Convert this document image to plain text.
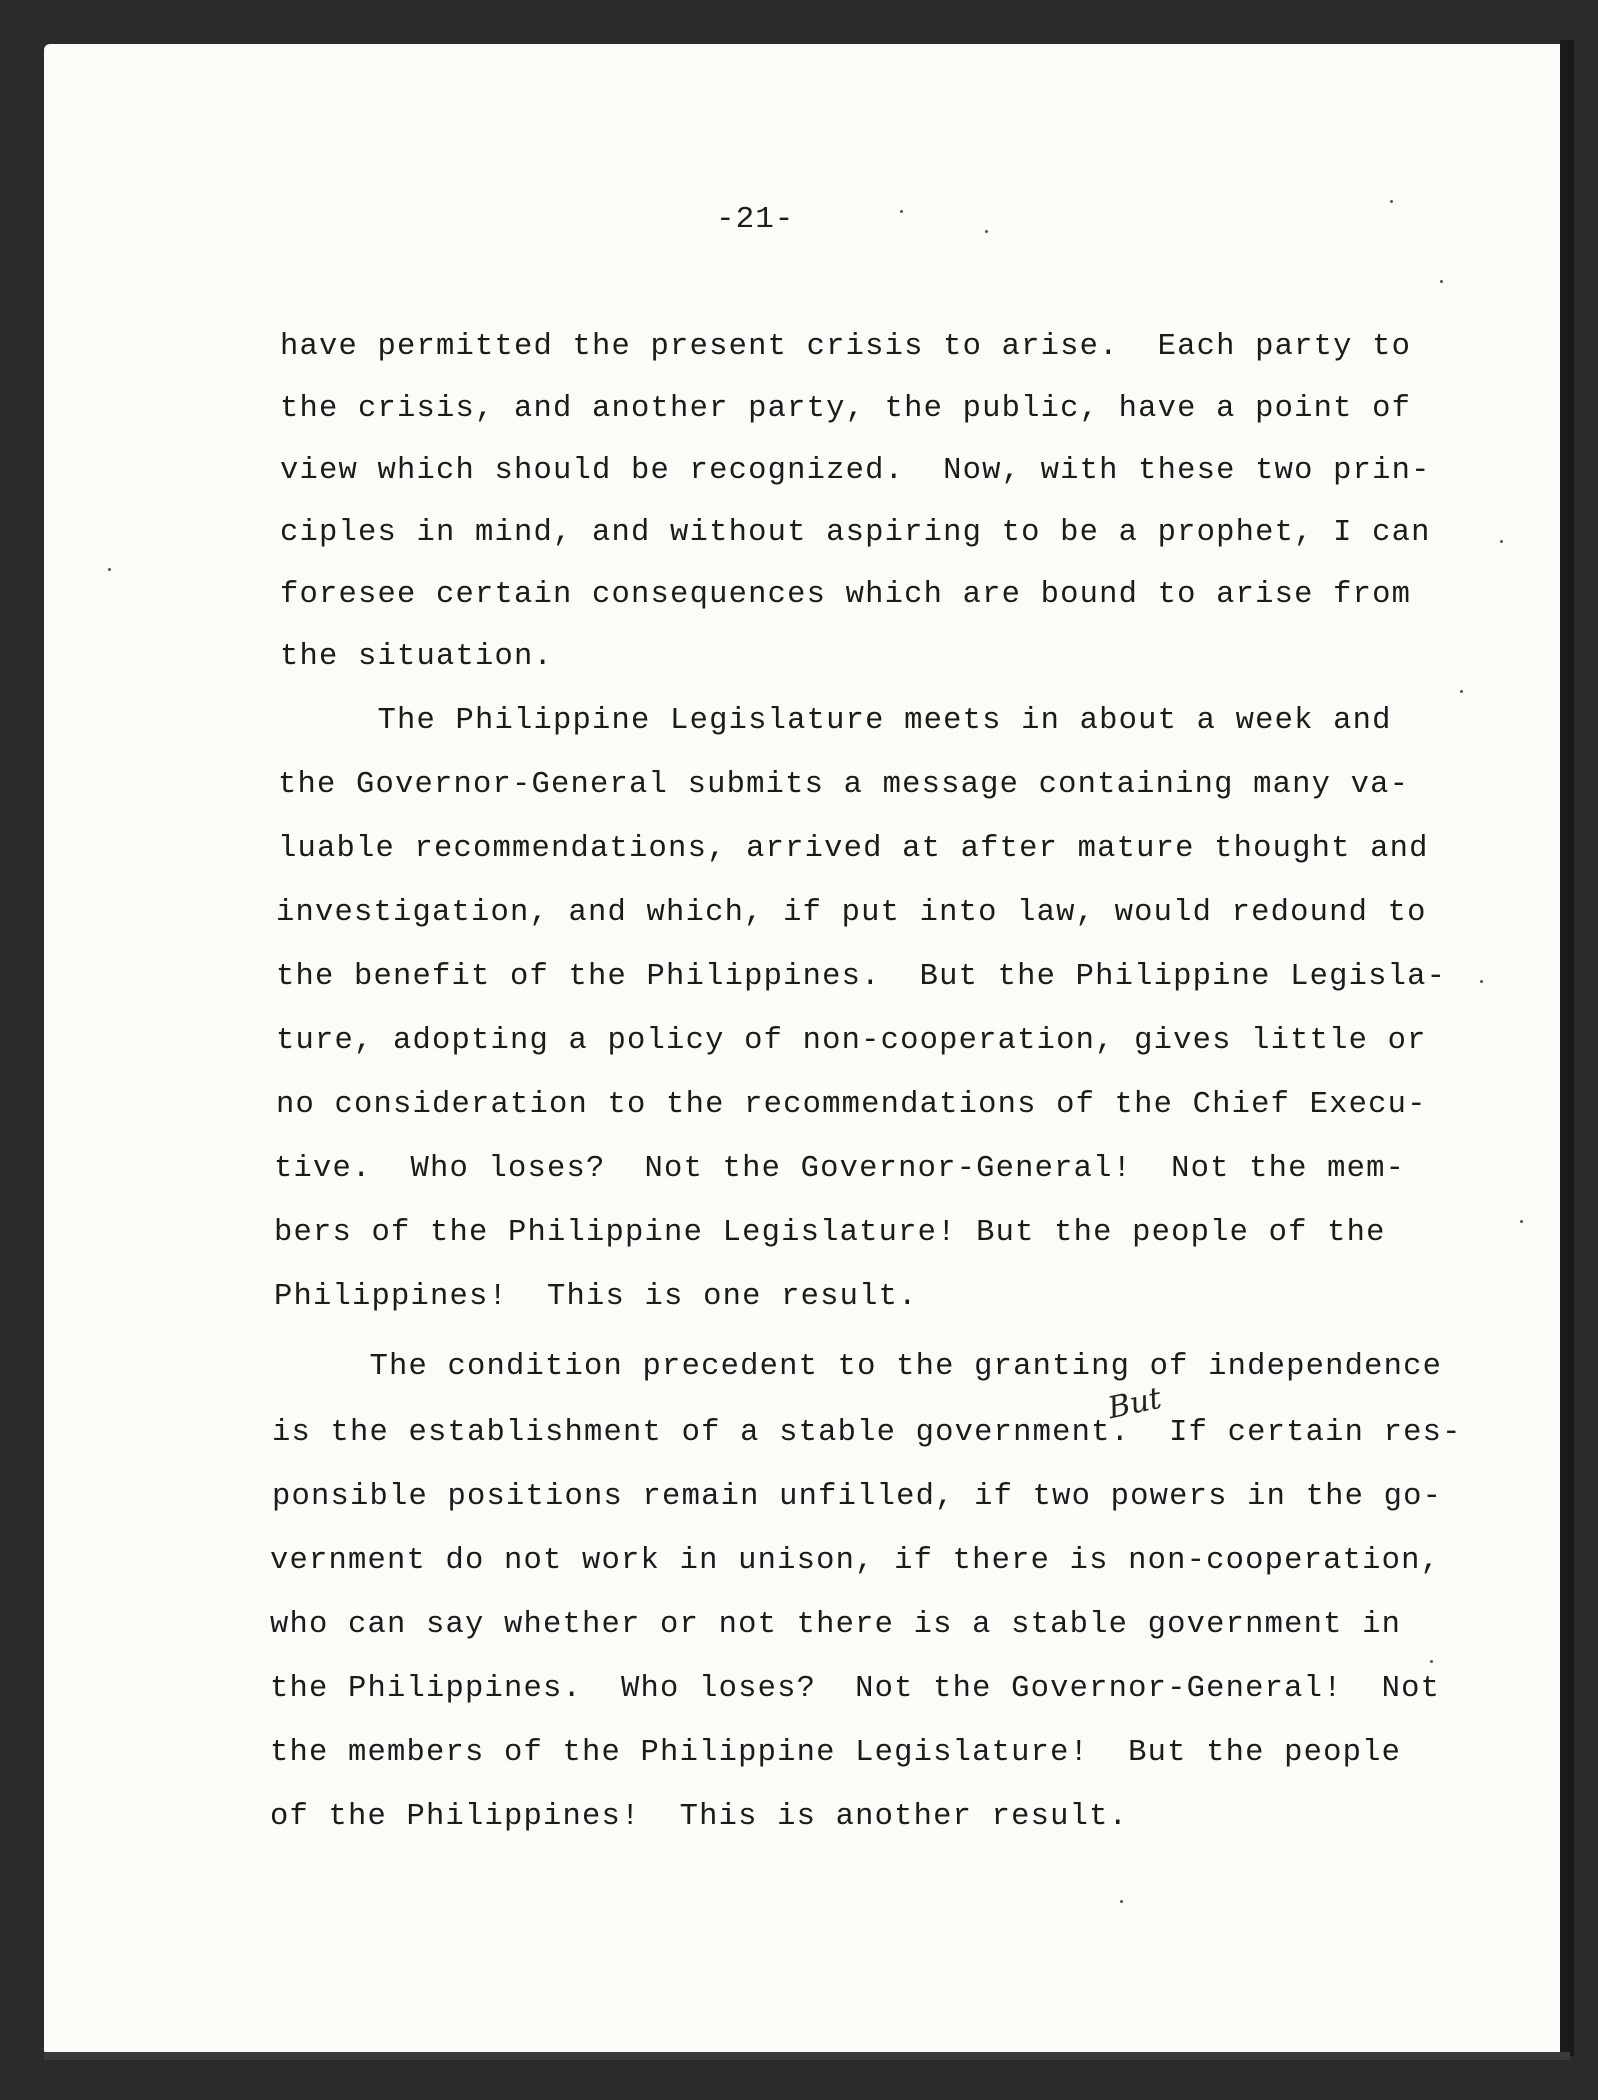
-21-
have permitted the present crisis to arise.  Each party to
the crisis, and another party, the public, have a point of
view which should be recognized.  Now, with these two prin-
ciples in mind, and without aspiring to be a prophet, I can
foresee certain consequences which are bound to arise from
the situation.
The Philippine Legislature meets in about a week and
the Governor-General submits a message containing many va-
luable recommendations, arrived at after mature thought and
investigation, and which, if put into law, would redound to
the benefit of the Philippines.  But the Philippine Legisla-
ture, adopting a policy of non-cooperation, gives little or
no consideration to the recommendations of the Chief Execu-
tive.  Who loses?  Not the Governor-General!  Not the mem-
bers of the Philippine Legislature! But the people of the
Philippines!  This is one result.
The condition precedent to the granting of independence
But
is the establishment of a stable government.  If certain res-
ponsible positions remain unfilled, if two powers in the go-
vernment do not work in unison, if there is non-cooperation,
who can say whether or not there is a stable government in
the Philippines.  Who loses?  Not the Governor-General!  Not
the members of the Philippine Legislature!  But the people
of the Philippines!  This is another result.
